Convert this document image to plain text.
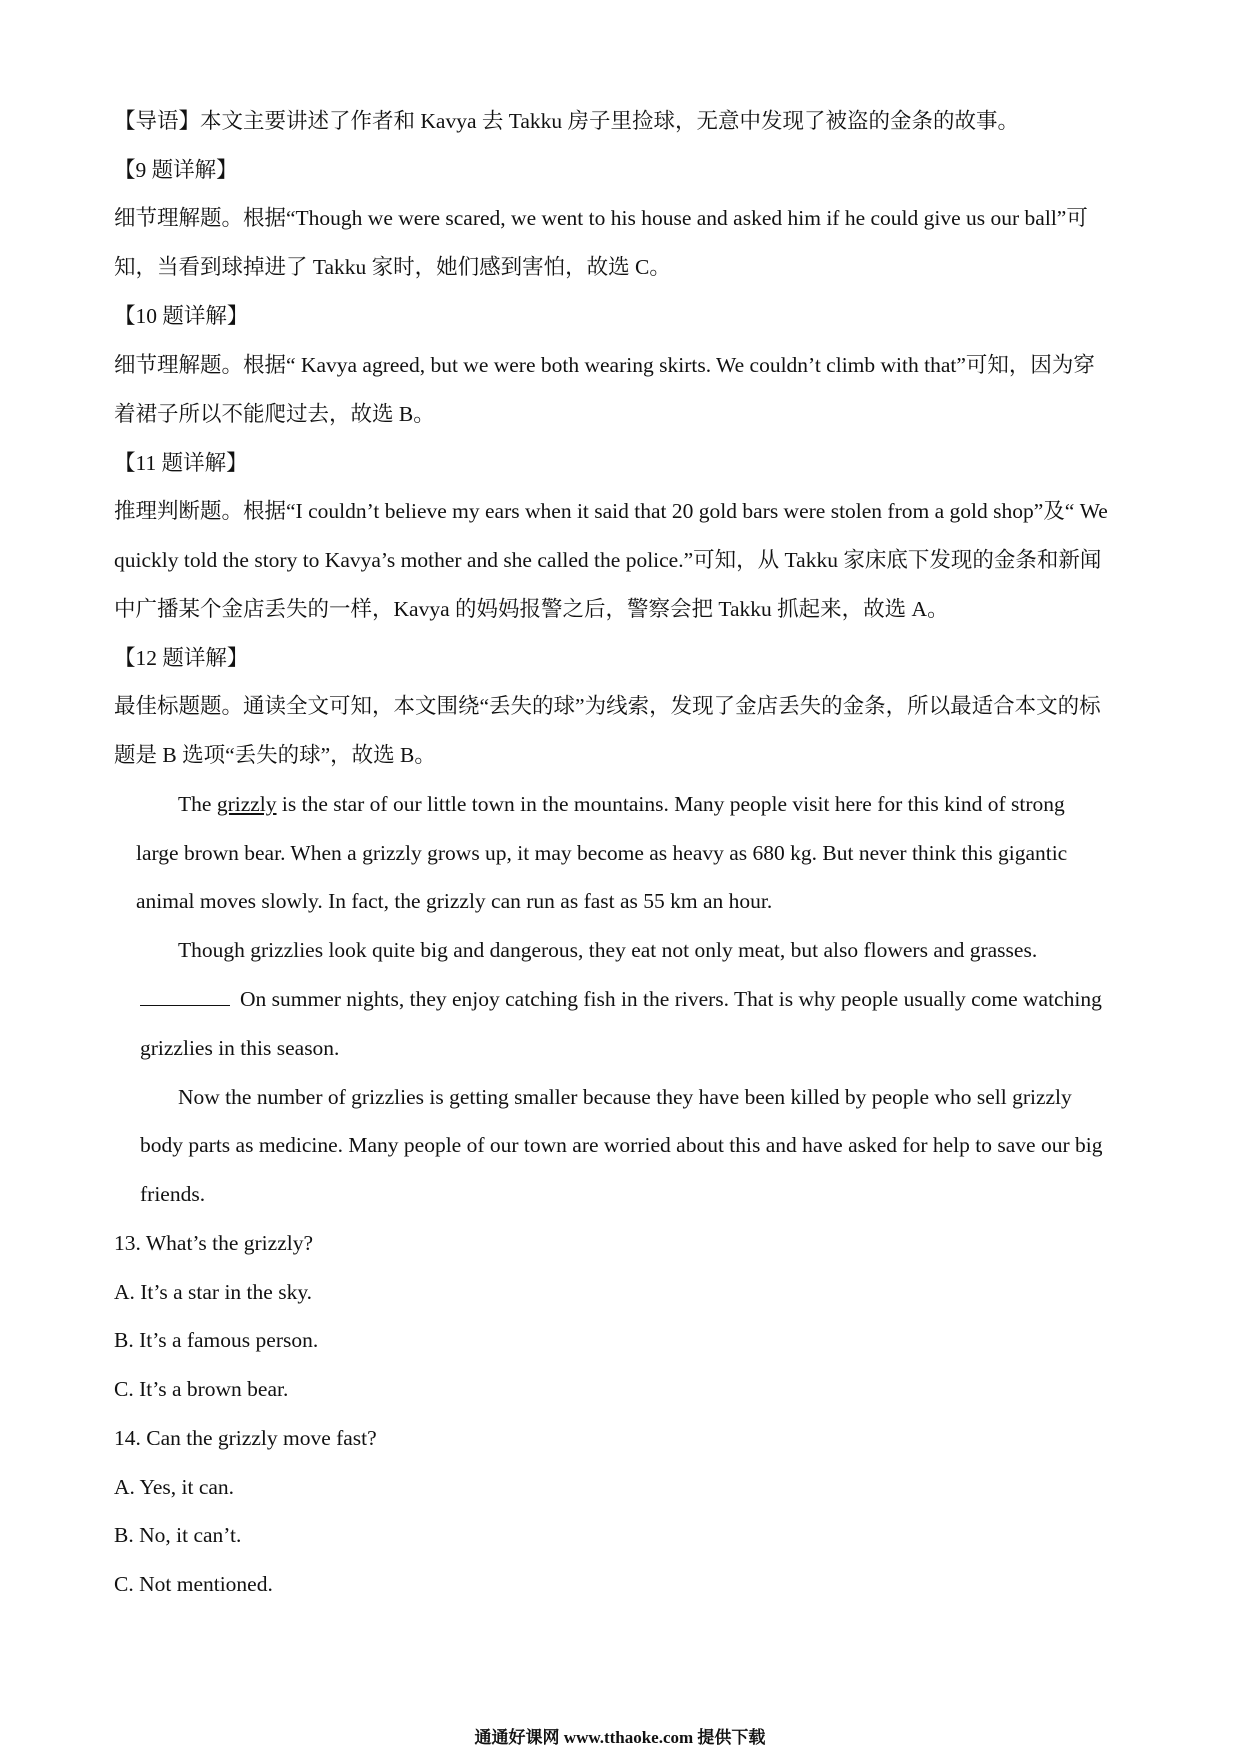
【导语】本文主要讲述了作者和 Kavya 去 Takku 房子里捡球，无意中发现了被盗的金条的故事。
【9 题详解】
细节理解题。根据“Though we were scared, we went to his house and asked him if he could give us our ball”可
知，当看到球掉进了 Takku 家时，她们感到害怕，故选 C。
【10 题详解】
细节理解题。根据“ Kavya agreed, but we were both wearing skirts. We couldn’t climb with that”可知，因为穿
着裙子所以不能爬过去，故选 B。
【11 题详解】
推理判断题。根据“I couldn’t believe my ears when it said that 20 gold bars were stolen from a gold shop”及“ We
quickly told the story to Kavya’s mother and she called the police.”可知，从 Takku 家床底下发现的金条和新闻
中广播某个金店丢失的一样，Kavya 的妈妈报警之后，警察会把 Takku 抓起来，故选 A。
【12 题详解】
最佳标题题。通读全文可知，本文围绕“丢失的球”为线索，发现了金店丢失的金条，所以最适合本文的标
题是 B 选项“丢失的球”，故选 B。
The grizzly is the star of our little town in the mountains. Many people visit here for this kind of strong
large brown bear. When a grizzly grows up, it may become as heavy as 680 kg. But never think this gigantic
animal moves slowly. In fact, the grizzly can run as fast as 55 km an hour.
Though grizzlies look quite big and dangerous, they eat not only meat, but also flowers and grasses.
On summer nights, they enjoy catching fish in the rivers. That is why people usually come watching
grizzlies in this season.
Now the number of grizzlies is getting smaller because they have been killed by people who sell grizzly
body parts as medicine. Many people of our town are worried about this and have asked for help to save our big
friends.
13. What’s the grizzly?
A. It’s a star in the sky.
B. It’s a famous person.
C. It’s a brown bear.
14. Can the grizzly move fast?
A. Yes, it can.
B. No, it can’t.
C. Not mentioned.
通通好课网 www.tthaoke.com 提供下载
